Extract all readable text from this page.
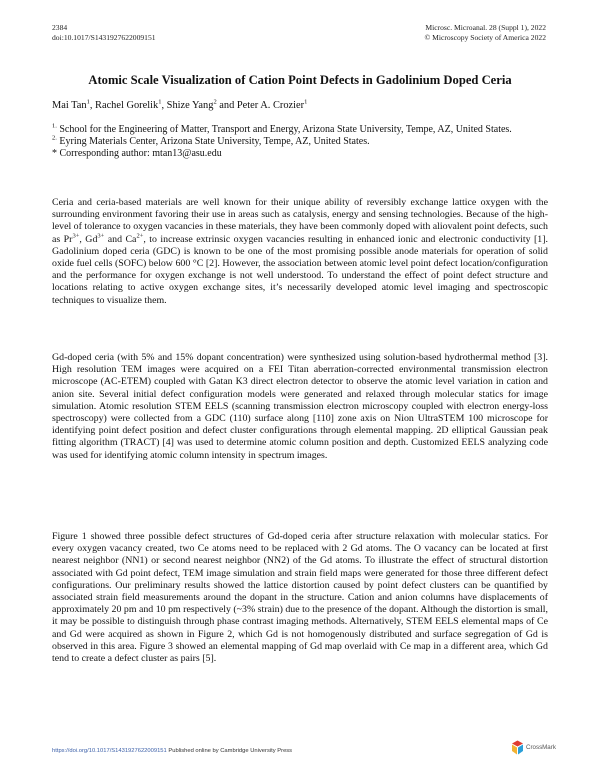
2384
doi:10.1017/S1431927622009151
Microsc. Microanal. 28 (Suppl 1), 2022
© Microscopy Society of America 2022
Atomic Scale Visualization of Cation Point Defects in Gadolinium Doped Ceria
Mai Tan$^1$, Rachel Gorelik$^1$, Shize Yang$^2$ and Peter A. Crozier$^1$
$^{1.}$ School for the Engineering of Matter, Transport and Energy, Arizona State University, Tempe, AZ, United States.
$^{2.}$ Eyring Materials Center, Arizona State University, Tempe, AZ, United States.
* Corresponding author: mtan13@asu.edu

Ceria and ceria-based materials are well known for their unique ability of reversibly exchange lattice oxygen with the surrounding environment favoring their use in areas such as catalysis, energy and sensing technologies. Because of the high-level of tolerance to oxygen vacancies in these materials, they have been commonly doped with aliovalent point defects, such as $Pr^{3+}$, $Gd^{3+}$ and $Ca^{2+}$, to increase extrinsic oxygen vacancies resulting in enhanced ionic and electronic conductivity [1]. Gadolinium doped ceria (GDC) is known to be one of the most promising possible anode materials for operation of solid oxide fuel cells (SOFC) below 600 °C [2]. However, the association between atomic level point defect location/configuration and the performance for oxygen exchange is not well understood. To understand the effect of point defect structure and locations relating to active oxygen exchange sites, it’s necessarily developed atomic level imaging and spectroscopic techniques to visualize them.

Gd-doped ceria (with 5% and 15% dopant concentration) were synthesized using solution-based hydrothermal method [3]. High resolution TEM images were acquired on a FEI Titan aberration-corrected environmental transmission electron microscope (AC-ETEM) coupled with Gatan K3 direct electron detector to observe the atomic level variation in cation and anion site. Several initial defect configuration models were generated and relaxed through molecular statics for image simulation. Atomic resolution STEM EELS (scanning transmission electron microscopy coupled with electron energy-loss spectroscopy) were collected from a GDC (110) surface along [110] zone axis on Nion UltraSTEM 100 microscope for identifying point defect position and defect cluster configurations through elemental mapping. 2D elliptical Gaussian peak fitting algorithm (TRACT) [4] was used to determine atomic column position and depth. Customized EELS analyzing code was used for identifying atomic column intensity in spectrum images.

Figure 1 showed three possible defect structures of Gd-doped ceria after structure relaxation with molecular statics. For every oxygen vacancy created, two Ce atoms need to be replaced with 2 Gd atoms. The O vacancy can be located at first nearest neighbor (NN1) or second nearest neighbor (NN2) of the Gd atoms. To illustrate the effect of structural distortion associated with Gd point defect, TEM image simulation and strain field maps were generated for those three different defect configurations. Our preliminary results showed the lattice distortion caused by point defect clusters can be quantified by associated strain field measurements around the dopant in the structure. Cation and anion columns have displacements of approximately 20 pm and 10 pm respectively (~3% strain) due to the presence of the dopant. Although the distortion is small, it may be possible to distinguish through phase contrast imaging methods. Alternatively, STEM EELS elemental maps of Ce and Gd were acquired as shown in Figure 2, which Gd is not homogenously distributed and surface segregation of Gd is observed in this area. Figure 3 showed an elemental mapping of Gd map overlaid with Ce map in a different area, which Gd tend to create a defect cluster as pairs [5].

https://doi.org/10.1017/S1431927622009151 Published online by Cambridge University Press	CrossMark
